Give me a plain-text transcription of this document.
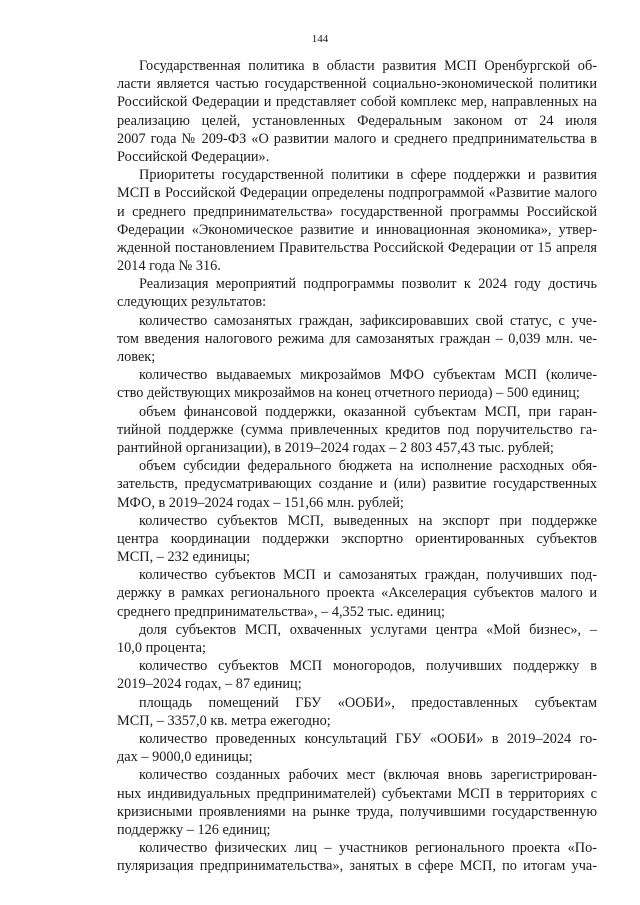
144
Государственная политика в области развития МСП Оренбургской об-
ласти является частью государственной социально-экономической политики
Российской Федерации и представляет собой комплекс мер, направленных на
реализацию целей, установленных Федеральным законом от 24 июля
2007 года № 209-ФЗ «О развитии малого и среднего предпринимательства в
Российской Федерации».
Приоритеты государственной политики в сфере поддержки и развития
МСП в Российской Федерации определены подпрограммой «Развитие малого
и среднего предпринимательства» государственной программы Российской
Федерации «Экономическое развитие и инновационная экономика», утвер-
жденной постановлением Правительства Российской Федерации от 15 апреля
2014 года № 316.
Реализация мероприятий подпрограммы позволит к 2024 году достичь
следующих результатов:
количество самозанятых граждан, зафиксировавших свой статус, с уче-
том введения налогового режима для самозанятых граждан – 0,039 млн. че-
ловек;
количество выдаваемых микрозаймов МФО субъектам МСП (количе-
ство действующих микрозаймов на конец отчетного периода) – 500 единиц;
объем финансовой поддержки, оказанной субъектам МСП, при гаран-
тийной поддержке (сумма привлеченных кредитов под поручительство га-
рантийной организации), в 2019–2024 годах – 2 803 457,43 тыс. рублей;
объем субсидии федерального бюджета на исполнение расходных обя-
зательств, предусматривающих создание и (или) развитие государственных
МФО, в 2019–2024 годах – 151,66 млн. рублей;
количество субъектов МСП, выведенных на экспорт при поддержке
центра координации поддержки экспортно ориентированных субъектов
МСП, – 232 единицы;
количество субъектов МСП и самозанятых граждан, получивших под-
держку в рамках регионального проекта «Акселерация субъектов малого и
среднего предпринимательства», – 4,352 тыс. единиц;
доля субъектов МСП, охваченных услугами центра «Мой бизнес», –
10,0 процента;
количество субъектов МСП моногородов, получивших поддержку в
2019–2024 годах, – 87 единиц;
площадь помещений ГБУ «ООБИ», предоставленных субъектам
МСП, – 3357,0 кв. метра ежегодно;
количество проведенных консультаций ГБУ «ООБИ» в 2019–2024 го-
дах – 9000,0 единицы;
количество созданных рабочих мест (включая вновь зарегистрирован-
ных индивидуальных предпринимателей) субъектами МСП в территориях с
кризисными проявлениями на рынке труда, получившими государственную
поддержку – 126 единиц;
количество физических лиц – участников регионального проекта «По-
пуляризация предпринимательства», занятых в сфере МСП, по итогам уча-
